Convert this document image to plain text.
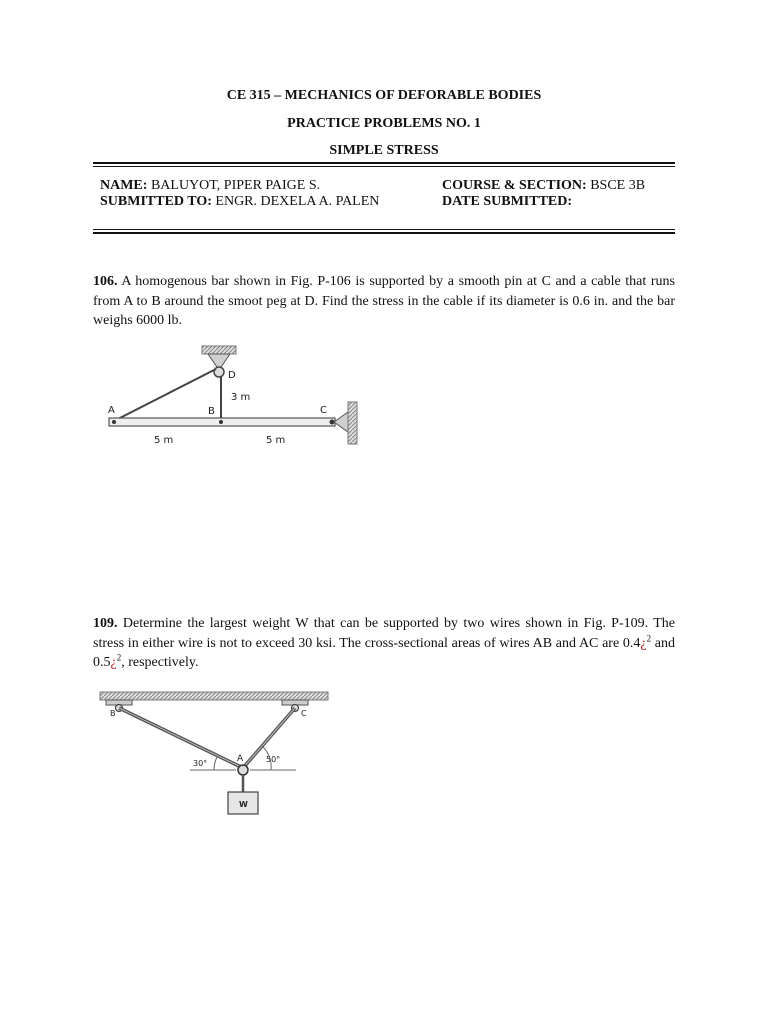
CE 315 – MECHANICS OF DEFORABLE BODIES
PRACTICE PROBLEMS NO. 1
SIMPLE STRESS
NAME: BALUYOT, PIPER PAIGE S.
SUBMITTED TO: ENGR. DEXELA A. PALEN
COURSE & SECTION: BSCE 3B
DATE SUBMITTED:
106. A homogenous bar shown in Fig. P-106 is supported by a smooth pin at C and a cable that runs from A to B around the smoot peg at D. Find the stress in the cable if its diameter is 0.6 in. and the bar weighs 6000 lb.
D
A	B	C
3 m
5 m	5 m
109. Determine the largest weight W that can be supported by two wires shown in Fig. P-109. The stress in either wire is not to exceed 30 ksi. The cross-sectional areas of wires AB and AC are 0.4¿$^2$ and 0.5¿$^2$, respectively.
B	C
A
W
30°	50°
